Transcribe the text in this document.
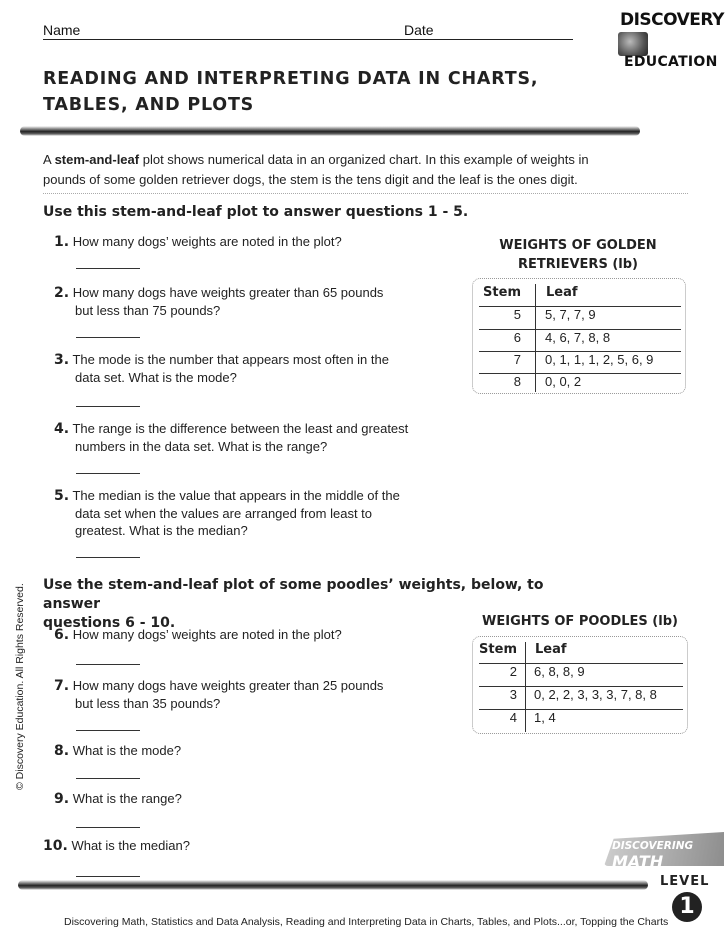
Name	Date	DISCOVERY
EDUCATION
READING AND INTERPRETING DATA IN CHARTS,
TABLES, AND PLOTS
A stem-and-leaf plot shows numerical data in an organized chart. In this example of weights in
pounds of some golden retriever dogs, the stem is the tens digit and the leaf is the ones digit.
Use this stem-and-leaf plot to answer questions 1 - 5.
1. How many dogs’ weights are noted in the plot?
2. How many dogs have weights greater than 65 pounds
but less than 75 pounds?
3. The mode is the number that appears most often in the
data set. What is the mode?
4. The range is the difference between the least and greatest
numbers in the data set. What is the range?
5. The median is the value that appears in the middle of the
data set when the values are arranged from least to
greatest. What is the median?
WEIGHTS OF GOLDEN
RETRIEVERS (lb)
Stem Leaf
5 5, 7, 7, 9
6 4, 6, 7, 8, 8
7 0, 1, 1, 1, 2, 5, 6, 9
8 0, 0, 2
Use the stem-and-leaf plot of some poodles’ weights, below, to answer
questions 6 - 10.
6. How many dogs’ weights are noted in the plot?
7. How many dogs have weights greater than 25 pounds
but less than 35 pounds?
8. What is the mode?
9. What is the range?
10. What is the median?
WEIGHTS OF POODLES (lb)
Stem Leaf
2 6, 8, 8, 9
3 0, 2, 2, 3, 3, 3, 7, 8, 8
4 1, 4
© Discovery Education. All Rights Reserved.
DISCOVERING MATH
LEVEL
1
Discovering Math, Statistics and Data Analysis, Reading and Interpreting Data in Charts, Tables, and Plots...or, Topping the Charts
